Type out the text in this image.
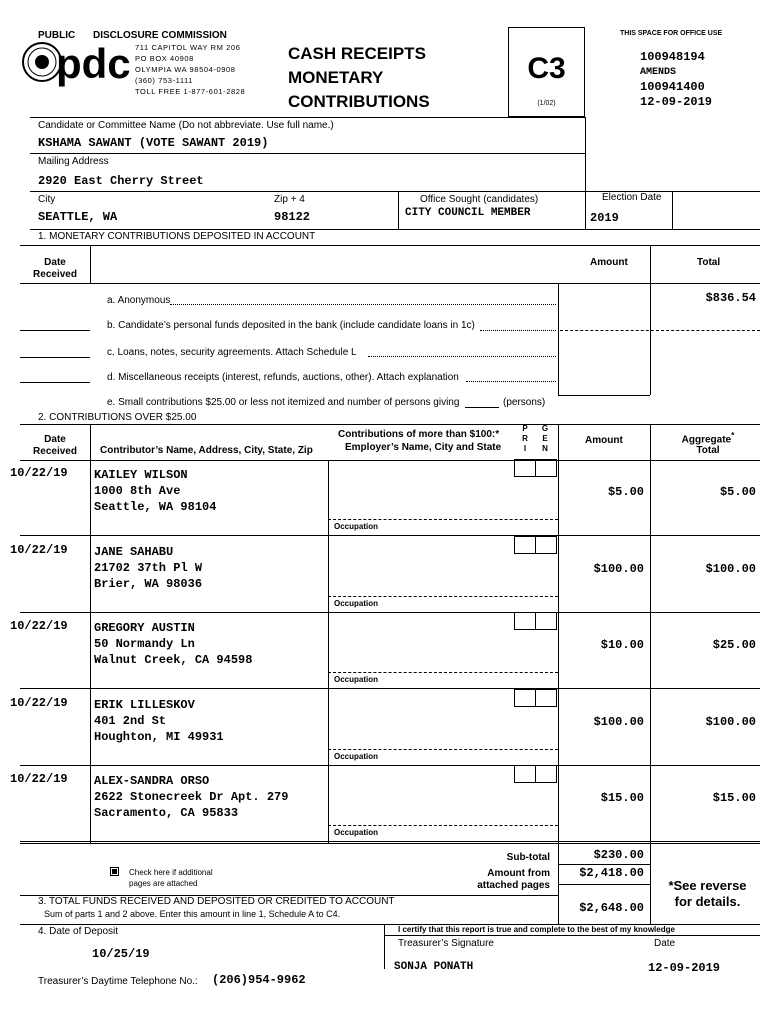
PUBLIC DISCLOSURE COMMISSION
pdc 711 CAPITOL WAY RM 206
PO BOX 40908
OLYMPIA WA 98504-0908
(360) 753-1111
TOLL FREE 1-877-601-2828
CASH RECEIPTS
MONETARY
CONTRIBUTIONS
C3
(1/02)
THIS SPACE FOR OFFICE USE
100948194
AMENDS
100941400
12-09-2019
Candidate or Committee Name (Do not abbreviate. Use full name.)
KSHAMA SAWANT (VOTE SAWANT 2019)
Mailing Address
2920 East Cherry Street
City
SEATTLE, WA
Zip + 4
98122
Office Sought (candidates)
CITY COUNCIL MEMBER
Election Date
2019
1. MONETARY CONTRIBUTIONS DEPOSITED IN ACCOUNT
Date Received
Amount	Total
a. Anonymous	$836.54
b. Candidate’s personal funds deposited in the bank (include candidate loans in 1c)
c. Loans, notes, security agreements. Attach Schedule L
d. Miscellaneous receipts (interest, refunds, auctions, other). Attach explanation
e. Small contributions $25.00 or less not itemized and number of persons giving	(persons)
2. CONTRIBUTIONS OVER $25.00
Date Received	Contributor’s Name, Address, City, State, Zip
Contributions of more than $100:*
Employer’s Name, City and State
P
R
I
G
E
N
Amount	Aggregate*
Total
10/22/19 KAILEY WILSON
1000 8th Ave
Seattle, WA 98104
$5.00	$5.00
Occupation
10/22/19 JANE SAHABU
21702 37th Pl W
Brier, WA 98036
$100.00	$100.00
Occupation
10/22/19 GREGORY AUSTIN
50 Normandy Ln
Walnut Creek, CA 94598
$10.00	$25.00
Occupation
10/22/19 ERIK LILLESKOV
401 2nd St
Houghton, MI 49931
$100.00	$100.00
Occupation
10/22/19 ALEX-SANDRA ORSO
2622 Stonecreek Dr Apt. 279
Sacramento, CA 95833
$15.00	$15.00
Occupation
Check here if additional
pages are attached
Sub-total	$230.00
Amount from
attached pages
$2,418.00
*See reverse
for details.
3. TOTAL FUNDS RECEIVED AND DEPOSITED OR CREDITED TO ACCOUNT
Sum of parts 1 and 2 above. Enter this amount in line 1, Schedule A to C4.	$2,648.00
4. Date of Deposit
10/25/19
Treasurer’s Daytime Telephone No.: (206)954-9962
I certify that this report is true and complete to the best of my knowledge
Treasurer’s Signature	Date
SONJA PONATH	12-09-2019
